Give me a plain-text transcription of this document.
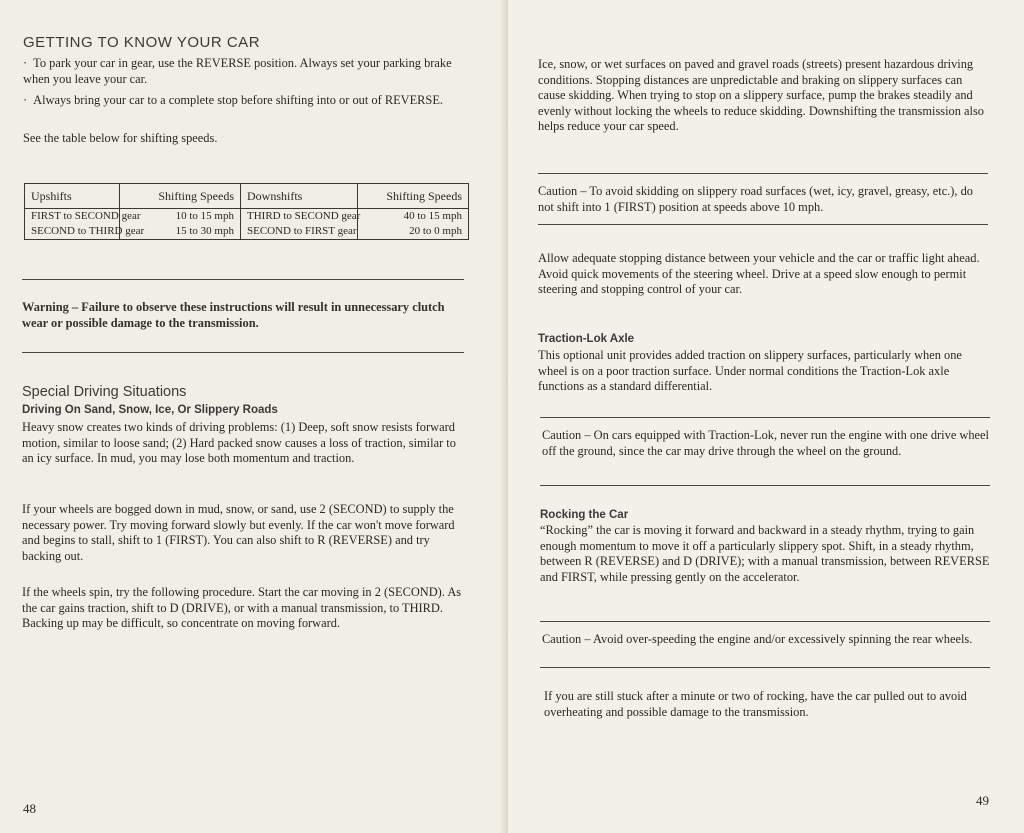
GETTING TO KNOW YOUR CAR

· To park your car in gear, use the REVERSE position. Always set your parking brake when you leave your car.

· Always bring your car to a complete stop before shifting into or out of REVERSE.

See the table below for shifting speeds.

Upshifts	Shifting Speeds	Downshifts	Shifting Speeds
FIRST to SECOND gear	10 to 15 mph	THIRD to SECOND gear	40 to 15 mph
SECOND to THIRD gear	15 to 30 mph	SECOND to FIRST gear	20 to 0 mph

Warning – Failure to observe these instructions will result in unnecessary clutch wear or possible damage to the transmission.

Special Driving Situations
Driving On Sand, Snow, Ice, Or Slippery Roads

Heavy snow creates two kinds of driving problems: (1) Deep, soft snow resists forward motion, similar to loose sand; (2) Hard packed snow causes a loss of traction, similar to an icy surface. In mud, you may lose both momentum and traction.

If your wheels are bogged down in mud, snow, or sand, use 2 (SECOND) to supply the necessary power. Try moving forward slowly but evenly. If the car won't move forward and begins to stall, shift to 1 (FIRST). You can also shift to R (REVERSE) and try backing out.

If the wheels spin, try the following procedure. Start the car moving in 2 (SECOND). As the car gains traction, shift to D (DRIVE), or with a manual transmission, to THIRD. Backing up may be difficult, so concentrate on moving forward.

48

Ice, snow, or wet surfaces on paved and gravel roads (streets) present hazardous driving conditions. Stopping distances are unpredictable and braking on slippery surfaces can cause skidding. When trying to stop on a slippery surface, pump the brakes steadily and evenly without locking the wheels to reduce skidding. Downshifting the transmission also helps reduce your car speed.

Caution – To avoid skidding on slippery road surfaces (wet, icy, gravel, greasy, etc.), do not shift into 1 (FIRST) position at speeds above 10 mph.

Allow adequate stopping distance between your vehicle and the car or traffic light ahead. Avoid quick movements of the steering wheel. Drive at a speed slow enough to permit steering and stopping control of your car.

Traction-Lok Axle

This optional unit provides added traction on slippery surfaces, particularly when one wheel is on a poor traction surface. Under normal conditions the Traction-Lok axle functions as a standard differential.

Caution – On cars equipped with Traction-Lok, never run the engine with one drive wheel off the ground, since the car may drive through the wheel on the ground.

Rocking the Car

“Rocking” the car is moving it forward and backward in a steady rhythm, trying to gain enough momentum to move it off a particularly slippery spot. Shift, in a steady rhythm, between R (REVERSE) and D (DRIVE); with a manual transmission, between REVERSE and FIRST, while pressing gently on the accelerator.

Caution – Avoid over-speeding the engine and/or excessively spinning the rear wheels.

If you are still stuck after a minute or two of rocking, have the car pulled out to avoid overheating and possible damage to the transmission.

49
